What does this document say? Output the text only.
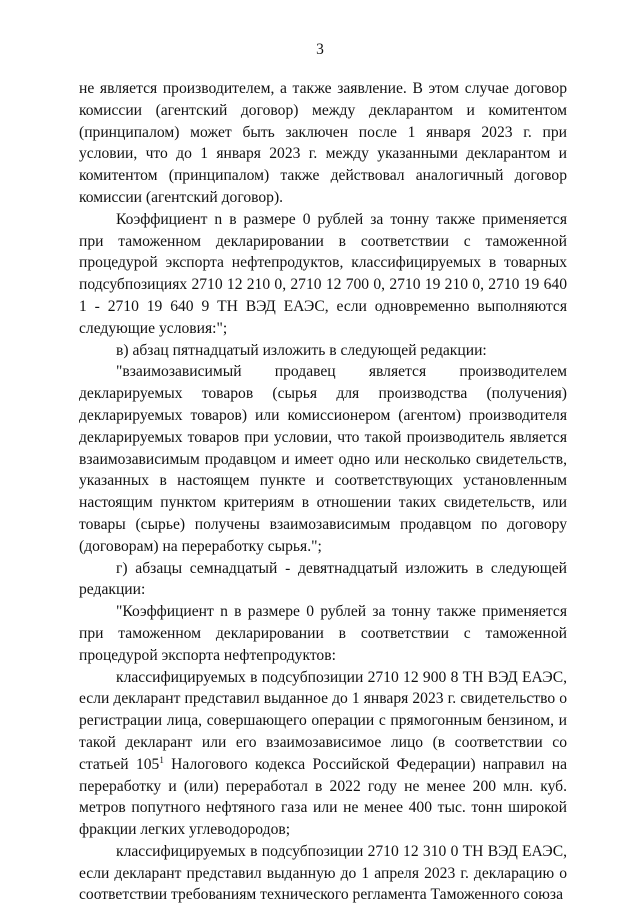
3

не является производителем, а также заявление. В этом случае договор комиссии (агентский договор) между декларантом и комитентом (принципалом) может быть заключен после 1 января 2023 г. при условии, что до 1 января 2023 г. между указанными декларантом и комитентом (принципалом) также действовал аналогичный договор комиссии (агентский договор).

Коэффициент n в размере 0 рублей за тонну также применяется при таможенном декларировании в соответствии с таможенной процедурой экспорта нефтепродуктов, классифицируемых в товарных подсубпозициях 2710 12 210 0, 2710 12 700 0, 2710 19 210 0, 2710 19 640 1 - 2710 19 640 9 ТН ВЭД ЕАЭС, если одновременно выполняются следующие условия:";

в) абзац пятнадцатый изложить в следующей редакции:

"взаимозависимый продавец является производителем декларируемых товаров (сырья для производства (получения) декларируемых товаров) или комиссионером (агентом) производителя декларируемых товаров при условии, что такой производитель является взаимозависимым продавцом и имеет одно или несколько свидетельств, указанных в настоящем пункте и соответствующих установленным настоящим пунктом критериям в отношении таких свидетельств, или товары (сырье) получены взаимозависимым продавцом по договору (договорам) на переработку сырья.";

г) абзацы семнадцатый - девятнадцатый изложить в следующей редакции:

"Коэффициент n в размере 0 рублей за тонну также применяется при таможенном декларировании в соответствии с таможенной процедурой экспорта нефтепродуктов:

классифицируемых в подсубпозиции 2710 12 900 8 ТН ВЭД ЕАЭС, если декларант представил выданное до 1 января 2023 г. свидетельство о регистрации лица, совершающего операции с прямогонным бензином, и такой декларант или его взаимозависимое лицо (в соответствии со статьей $105^1$ Налогового кодекса Российской Федерации) направил на переработку и (или) переработал в 2022 году не менее 200 млн. куб. метров попутного нефтяного газа или не менее 400 тыс. тонн широкой фракции легких углеводородов;

классифицируемых в подсубпозиции 2710 12 310 0 ТН ВЭД ЕАЭС, если декларант представил выданную до 1 апреля 2023 г. декларацию о соответствии требованиям технического регламента Таможенного союза
